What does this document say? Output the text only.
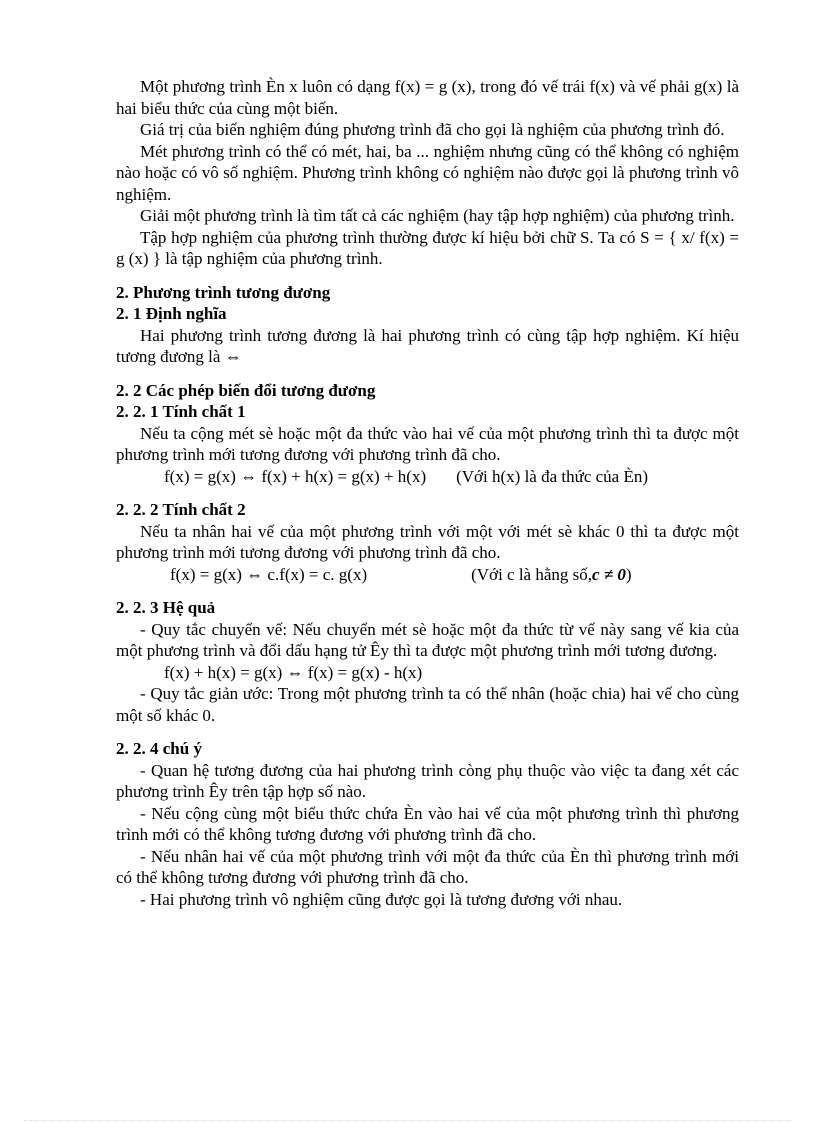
Một phương trình Èn x luôn có dạng f(x) = g (x), trong đó vế trái f(x) và vế phải g(x) là hai biểu thức của cùng một biến.

Giá trị của biến nghiệm đúng phương trình đã cho gọi là nghiệm của phương trình đó.

Mét phương trình có thể có mét, hai, ba ... nghiệm nhưng cũng có thể không có nghiệm nào hoặc có vô số nghiệm. Phương trình không có nghiệm nào được gọi là phương trình vô nghiệm.

Giải một phương trình là tìm tất cả các nghiệm (hay tập hợp nghiệm) của phương trình.

Tập hợp nghiệm của phương trình thường được kí hiệu bởi chữ S. Ta có S = { x/ f(x) = g (x) } là tập nghiệm của phương trình.

2. Phương trình tương đương
2. 1 Định nghĩa

Hai phương trình tương đương là hai phương trình có cùng tập hợp nghiệm. Kí hiệu tương đương là ⇔

2. 2 Các phép biến đổi tương đương
2. 2. 1 Tính chất 1

Nếu ta cộng mét sè hoặc một đa thức vào hai vế của một phương trình thì ta được một phương trình mới tương đương với phương trình đã cho.

f(x) = g(x) ⇔ f(x) + h(x) = g(x) + h(x) (Với h(x) là đa thức của Èn)
2. 2. 2 Tính chất 2

Nếu ta nhân hai vế của một phương trình với một với mét sè khác 0 thì ta được một phương trình mới tương đương với phương trình đã cho.

f(x) = g(x) ⇔ c.f(x) = c. g(x)	(Với c là hằng số,c ≠ 0)
2. 2. 3 Hệ quả

- Quy tắc chuyển vế: Nếu chuyển mét sè hoặc một đa thức từ vế này sang vế kia của một phương trình và đổi dấu hạng tử Êy thì ta được một phương trình mới tương đương.

f(x) + h(x) = g(x) ⇔ f(x) = g(x) - h(x)

- Quy tắc giản ước: Trong một phương trình ta có thể nhân (hoặc chia) hai vế cho cùng một số khác 0.

2. 2. 4 chú ý

- Quan hệ tương đương của hai phương trình còng phụ thuộc vào việc ta đang xét các phương trình Êy trên tập hợp số nào.

- Nếu cộng cùng một biểu thức chứa Èn vào hai vế của một phương trình thì phương trình mới có thể không tương đương với phương trình đã cho.

- Nếu nhân hai vế của một phương trình với một đa thức của Èn thì phương trình mới có thể không tương đương với phương trình đã cho.

- Hai phương trình vô nghiệm cũng được gọi là tương đương với nhau.
